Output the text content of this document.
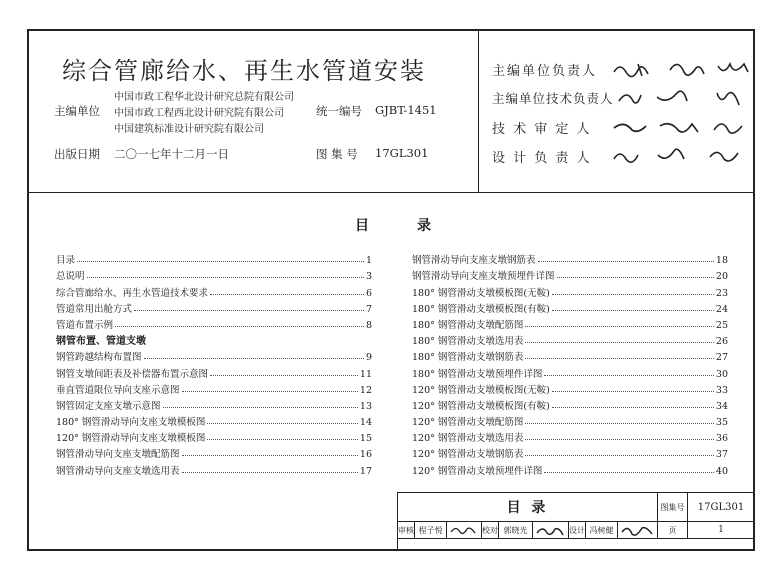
综合管廊给水、再生水管道安装
主编单位
中国市政工程华北设计研究总院有限公司
中国市政工程西北设计研究院有限公司
中国建筑标准设计研究院有限公司
统一编号 GJBT-1451
出版日期 二〇一七年十二月一日	图 集 号 17GL301
主编单位负责人
主编单位技术负责人
技 术 审 定 人
设 计 负 责 人
目	录
目录	1
总说明	3
综合管廊给水、再生水管道技术要求	6
管道常用出舱方式	7
管道布置示例	8
钢管布置、管道支墩
钢管跨越结构布置图	9
钢管支墩间距表及补偿器布置示意图	11
垂直管道限位导向支座示意图	12
钢管固定支座支墩示意图	13
180° 钢管滑动导向支座支墩模板图	14
120° 钢管滑动导向支座支墩模板图	15
钢管滑动导向支座支墩配筋图	16
钢管滑动导向支座支墩选用表	17
钢管滑动导向支座支墩钢筋表	18
钢管滑动导向支座支墩预埋件详图	20
180° 钢管滑动支墩模板图(无鞍)	23
180° 钢管滑动支墩模板图(有鞍)	24
180° 钢管滑动支墩配筋图	25
180° 钢管滑动支墩选用表	26
180° 钢管滑动支墩钢筋表	27
180° 钢管滑动支墩预埋件详图	30
120° 钢管滑动支墩模板图(无鞍)	33
120° 钢管滑动支墩模板图(有鞍)	34
120° 钢管滑动支墩配筋图	35
120° 钢管滑动支墩选用表	36
120° 钢管滑动支墩钢筋表	37
120° 钢管滑动支墩预埋件详图	40
目 录	图集号	17GL301
审核 程子悦	校对 郭晓光	设计 冯树健	页	1
